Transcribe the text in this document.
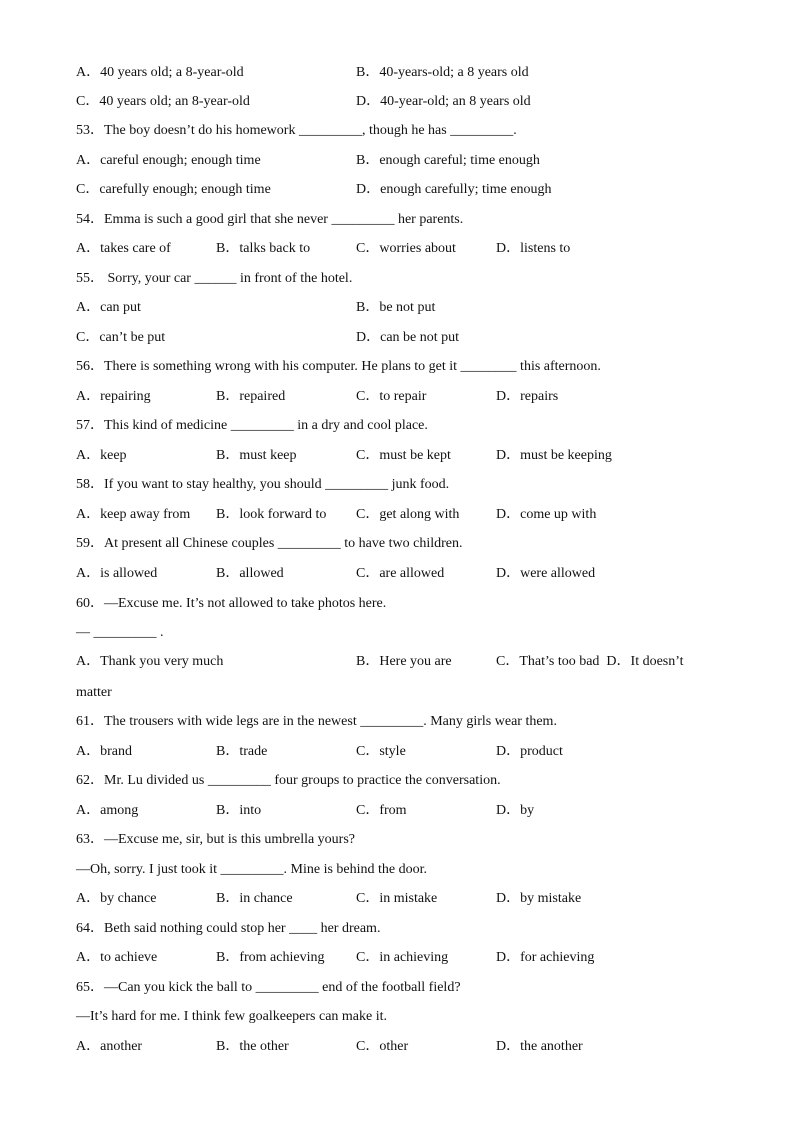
A．40 years old; a 8-year-old	B．40-years-old; a 8 years old
C．40 years old; an 8-year-old	D．40-year-old; an 8 years old
53．The boy doesn’t do his homework _________, though he has _________.
A．careful enough; enough time	B．enough careful; time enough
C．carefully enough; enough time	D．enough carefully; time enough
54．Emma is such a good girl that she never _________ her parents.
A．takes care of	B．talks back to	C．worries about	D．listens to
55． Sorry, your car ______ in front of the hotel.
A．can put	B．be not put
C．can’t be put	D．can be not put
56．There is something wrong with his computer. He plans to get it ________ this afternoon.
A．repairing	B．repaired	C．to repair	D．repairs
57．This kind of medicine _________ in a dry and cool place.
A．keep	B．must keep	C．must be kept	D．must be keeping
58．If you want to stay healthy, you should _________ junk food.
A．keep away from B．look forward to C．get along with	D．come up with
59．At present all Chinese couples _________ to have two children.
A．is allowed	B．allowed	C．are allowed	D．were allowed
60．—Excuse me. It’s not allowed to take photos here.
— _________ .
A．Thank you very much	B．Here you are	C．That’s too bad  D．It doesn’t
matter
61．The trousers with wide legs are in the newest _________. Many girls wear them.
A．brand	B．trade	C．style	D．product
62．Mr. Lu divided us _________ four groups to practice the conversation.
A．among	B．into	C．from	D．by
63．—Excuse me, sir, but is this umbrella yours?
—Oh, sorry. I just took it _________. Mine is behind the door.
A．by chance	B．in chance	C．in mistake	D．by mistake
64．Beth said nothing could stop her ____ her dream.
A．to achieve	B．from achieving C．in achieving	D．for achieving
65．—Can you kick the ball to _________ end of the football field?
—It’s hard for me. I think few goalkeepers can make it.
A．another	B．the other	C．other	D．the another
